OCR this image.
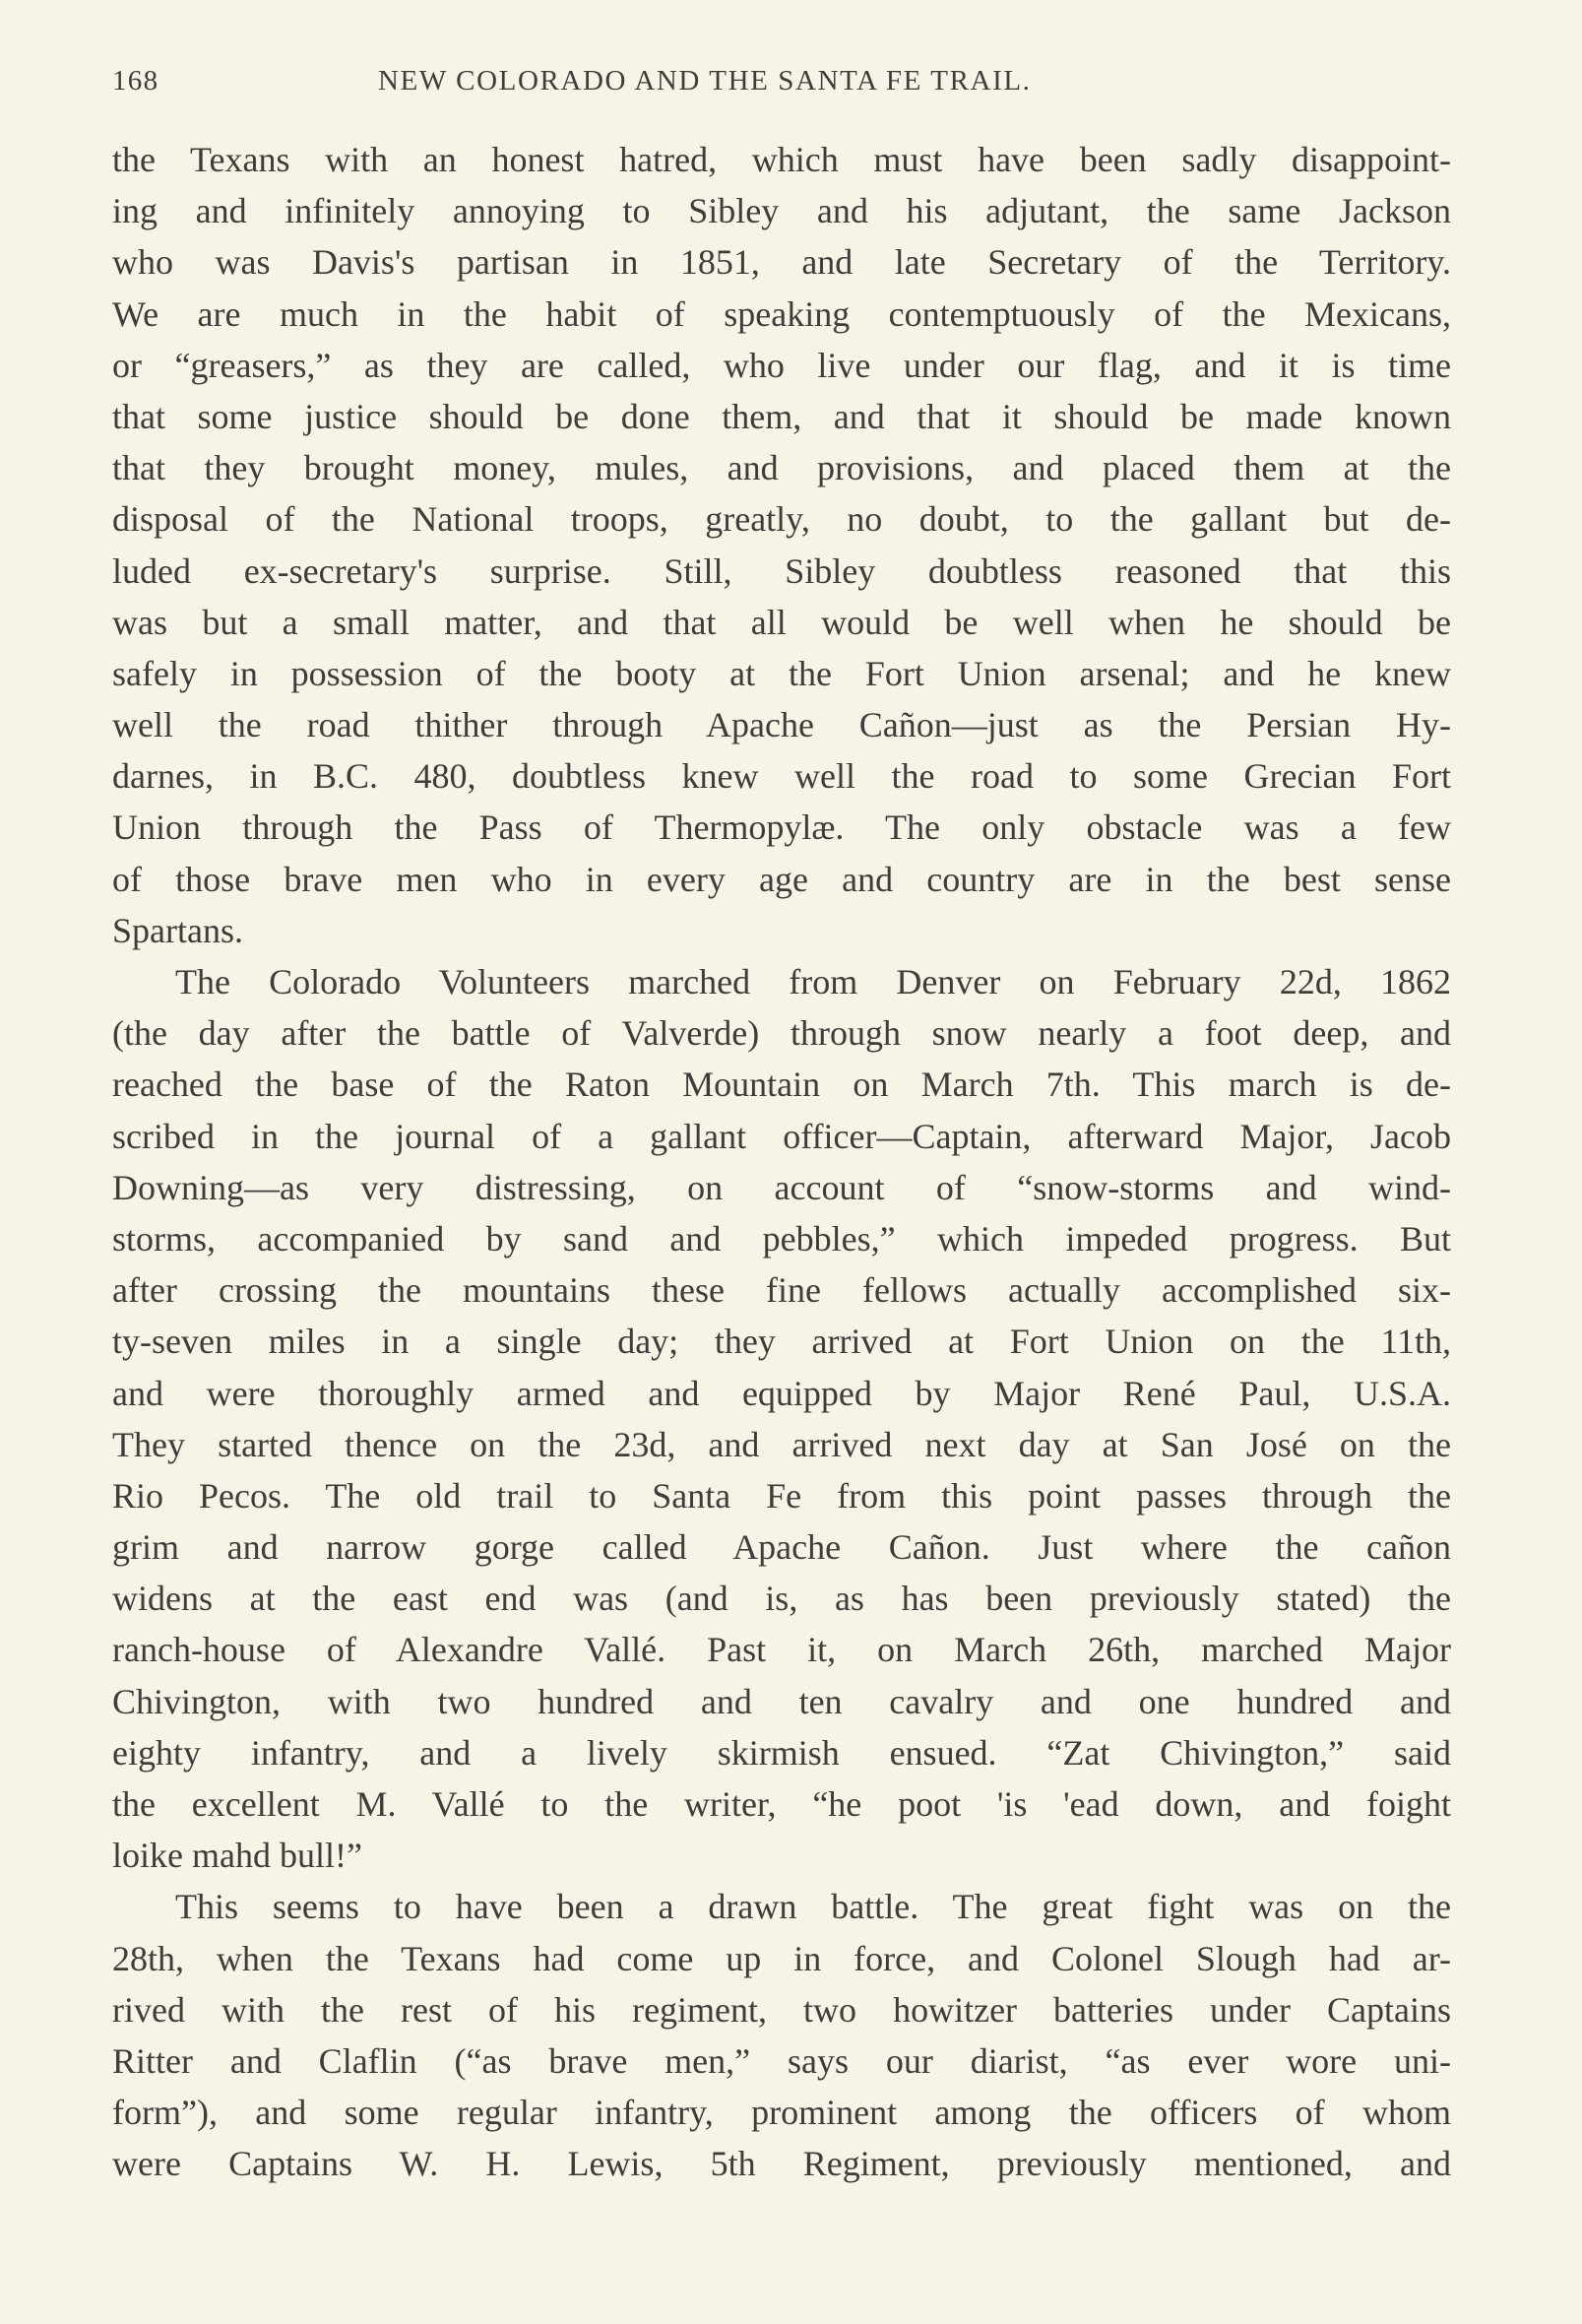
168	NEW COLORADO AND THE SANTA FE TRAIL.
the Texans with an honest hatred, which must have been sadly disappoint-
ing and infinitely annoying to Sibley and his adjutant, the same Jackson
who was Davis's partisan in 1851, and late Secretary of the Territory.
We are much in the habit of speaking contemptuously of the Mexicans,
or “greasers,” as they are called, who live under our flag, and it is time
that some justice should be done them, and that it should be made known
that they brought money, mules, and provisions, and placed them at the
disposal of the National troops, greatly, no doubt, to the gallant but de-
luded ex-secretary's surprise. Still, Sibley doubtless reasoned that this
was but a small matter, and that all would be well when he should be
safely in possession of the booty at the Fort Union arsenal; and he knew
well the road thither through Apache Cañon—just as the Persian Hy-
darnes, in B.C. 480, doubtless knew well the road to some Grecian Fort
Union through the Pass of Thermopylæ. The only obstacle was a few
of those brave men who in every age and country are in the best sense
Spartans.
The Colorado Volunteers marched from Denver on February 22d, 1862
(the day after the battle of Valverde) through snow nearly a foot deep, and
reached the base of the Raton Mountain on March 7th. This march is de-
scribed in the journal of a gallant officer—Captain, afterward Major, Jacob
Downing—as very distressing, on account of “snow-storms and wind-
storms, accompanied by sand and pebbles,” which impeded progress. But
after crossing the mountains these fine fellows actually accomplished six-
ty-seven miles in a single day; they arrived at Fort Union on the 11th,
and were thoroughly armed and equipped by Major René Paul, U.S.A.
They started thence on the 23d, and arrived next day at San José on the
Rio Pecos. The old trail to Santa Fe from this point passes through the
grim and narrow gorge called Apache Cañon. Just where the cañon
widens at the east end was (and is, as has been previously stated) the
ranch-house of Alexandre Vallé. Past it, on March 26th, marched Major
Chivington, with two hundred and ten cavalry and one hundred and
eighty infantry, and a lively skirmish ensued. “Zat Chivington,” said
the excellent M. Vallé to the writer, “he poot 'is 'ead down, and foight
loike mahd bull!”
This seems to have been a drawn battle. The great fight was on the
28th, when the Texans had come up in force, and Colonel Slough had ar-
rived with the rest of his regiment, two howitzer batteries under Captains
Ritter and Claflin (“as brave men,” says our diarist, “as ever wore uni-
form”), and some regular infantry, prominent among the officers of whom
were Captains W. H. Lewis, 5th Regiment, previously mentioned, and
